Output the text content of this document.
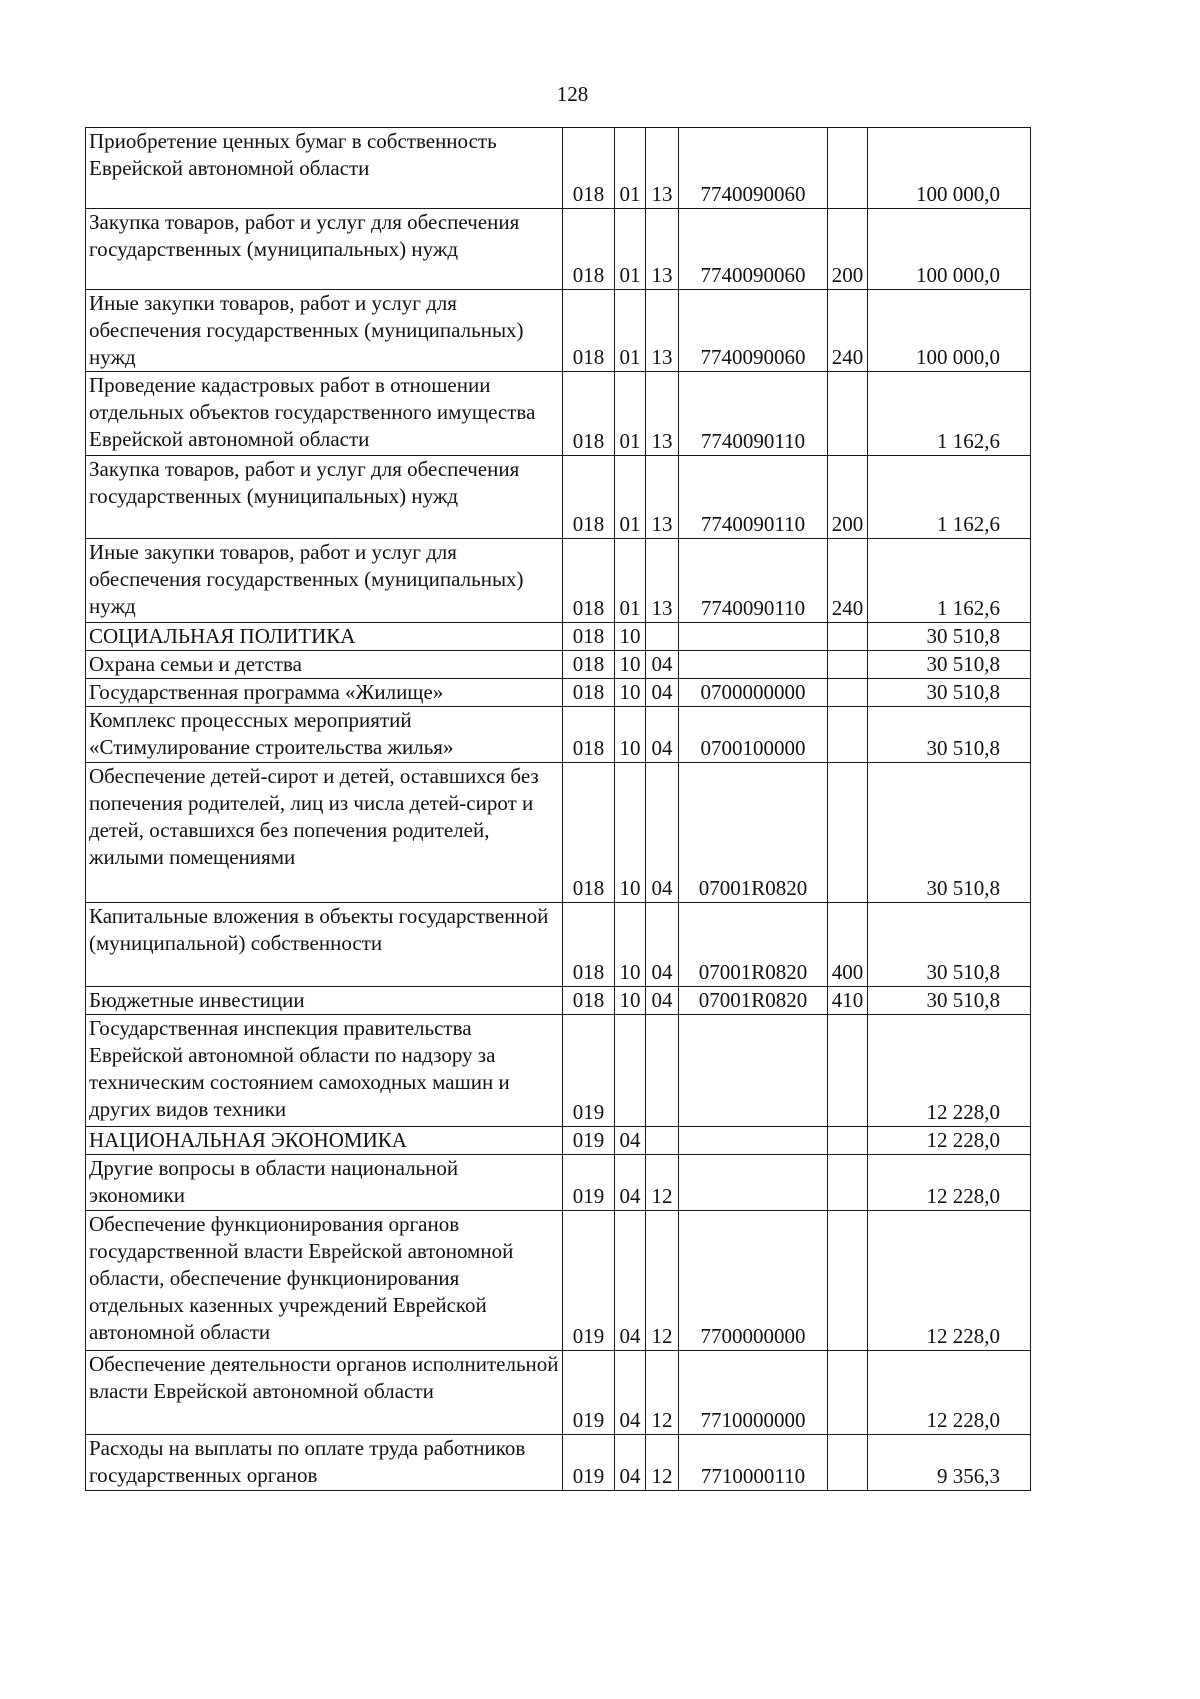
128
Приобретение ценных бумаг в собственность Еврейской автономной области	018	01	13	7740090060		100 000,0
Закупка товаров, работ и услуг для обеспечения государственных (муниципальных) нужд	018	01	13	7740090060	200	100 000,0
Иные закупки товаров, работ и услуг для обеспечения государственных (муниципальных) нужд	018	01	13	7740090060	240	100 000,0
Проведение кадастровых работ в отношении отдельных объектов государственного имущества Еврейской автономной области	018	01	13	7740090110		1 162,6
Закупка товаров, работ и услуг для обеспечения государственных (муниципальных) нужд	018	01	13	7740090110	200	1 162,6
Иные закупки товаров, работ и услуг для обеспечения государственных (муниципальных) нужд	018	01	13	7740090110	240	1 162,6
СОЦИАЛЬНАЯ ПОЛИТИКА	018	10				30 510,8
Охрана семьи и детства	018	10	04			30 510,8
Государственная программа «Жилище»	018	10	04	0700000000		30 510,8
Комплекс процессных мероприятий «Стимулирование строительства жилья»	018	10	04	0700100000		30 510,8
Обеспечение детей-сирот и детей, оставшихся без попечения родителей, лиц из числа детей-сирот и детей, оставшихся без попечения родителей, жилыми помещениями	018	10	04	07001R0820		30 510,8
Капитальные вложения в объекты государственной (муниципальной) собственности	018	10	04	07001R0820	400	30 510,8
Бюджетные инвестиции	018	10	04	07001R0820	410	30 510,8
Государственная инспекция правительства Еврейской автономной области по надзору за техническим состоянием самоходных машин и других видов техники	019					12 228,0
НАЦИОНАЛЬНАЯ ЭКОНОМИКА	019	04				12 228,0
Другие вопросы в области национальной экономики	019	04	12			12 228,0
Обеспечение функционирования органов государственной власти Еврейской автономной области, обеспечение функционирования отдельных казенных учреждений Еврейской автономной области	019	04	12	7700000000		12 228,0
Обеспечение деятельности органов исполнительной власти Еврейской автономной области	019	04	12	7710000000		12 228,0
Расходы на выплаты по оплате труда работников государственных органов	019	04	12	7710000110		9 356,3
